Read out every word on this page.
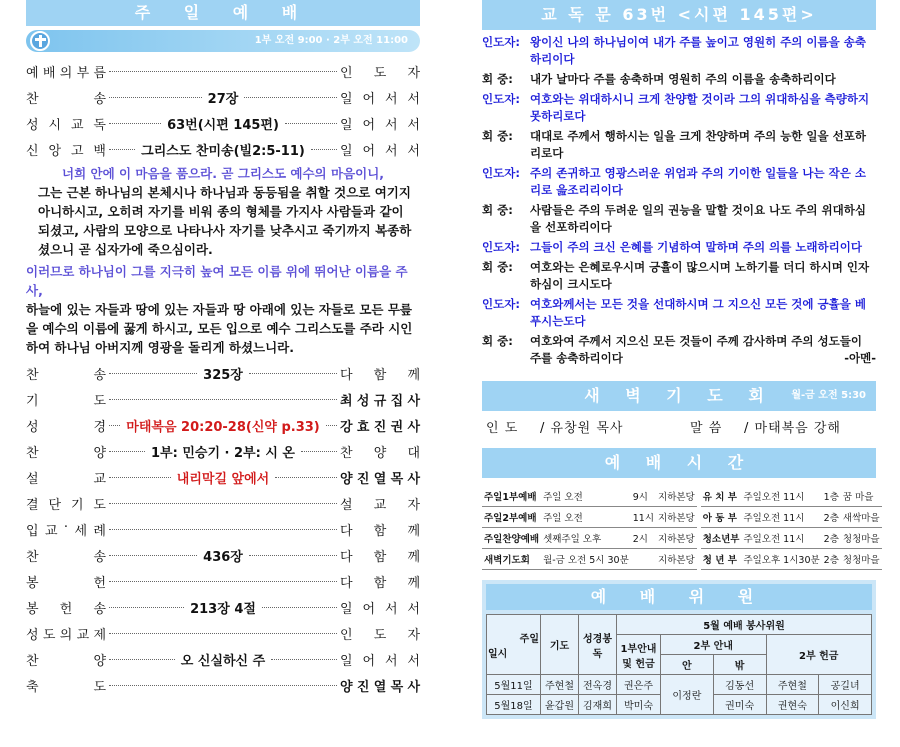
주 일 예 배
1부 오전 9:00 · 2부 오전 11:00
예 배 의 부 름	인 도 자
찬	송	27장	일 어 서 서
성 시 교 독	63번(시편 145편)	일 어 서 서
신 앙 고 백	그리스도 찬미송(빌2:5-11)	일 어 서 서
너희 안에 이 마음을 품으라. 곧 그리스도 예수의 마음이니,
그는 근본 하나님의 본체시나 하나님과 동등됨을 취할 것으로 여기지 아니하시고, 오히려 자기를 비워 종의 형체를 가지사 사람들과 같이 되셨고, 사람의 모양으로 나타나사 자기를 낮추시고 죽기까지 복종하셨으니 곧 십자가에 죽으심이라.
이러므로 하나님이 그를 지극히 높여 모든 이름 위에 뛰어난 이름을 주사,
하늘에 있는 자들과 땅에 있는 자들과 땅 아래에 있는 자들로 모든 무릎을 예수의 이름에 꿇게 하시고, 모든 입으로 예수 그리스도를 주라 시인하여 하나님 아버지께 영광을 돌리게 하셨느니라.
찬	송	325장	다 함 께
기	도	최 성 규 집 사
성	경 마태복음 20:20-28(신약 p.33) 강 효 진 권 사
찬	양	1부: 민승기 · 2부: 시 온	찬 양 대
설	교	내리막길 앞에서	양 진 열 목 사
결 단 기 도	설 교 자
입 교 · 세 례	다 함 께
찬	송	436장	다 함 께
봉	헌	다 함 께
봉 헌 송	213장 4절	일 어 서 서
성 도 의 교 제	인 도 자
찬	양	오 신실하신 주	일 어 서 서
축	도	양 진 열 목 사
교 독 문 63번 <시편 145편>
인도자: 왕이신 나의 하나님이여 내가 주를 높이고 영원히 주의 이름을 송축하리이다
회 중:	내가 날마다 주를 송축하며 영원히 주의 이름을 송축하리이다
인도자: 여호와는 위대하시니 크게 찬양할 것이라 그의 위대하심을 측량하지 못하리로다
회 중:	대대로 주께서 행하시는 일을 크게 찬양하며 주의 능한 일을 선포하리로다
인도자: 주의 존귀하고 영광스러운 위엄과 주의 기이한 일들을 나는 작은 소리로 읊조리리이다
회 중:	사람들은 주의 두려운 일의 권능을 말할 것이요 나도 주의 위대하심을 선포하리이다
인도자: 그들이 주의 크신 은혜를 기념하여 말하며 주의 의를 노래하리이다
회 중:	여호와는 은혜로우시며 긍휼이 많으시며 노하기를 더디 하시며 인자하심이 크시도다
인도자: 여호와께서는 모든 것을 선대하시며 그 지으신 모든 것에 긍휼을 베푸시는도다
회 중:	여호와여 주께서 지으신 모든 것들이 주께 감사하며 주의 성도들이 주를 송축하리이다	-아멘-
새 벽 기 도 회 월-금 오전 5:30
인 도	/ 유창원 목사	말 씀	/ 마태복음 강해
예 배 시 간
주일1부예배	주일 오전	9시	지하본당		유 치 부	주일오전 11시	1층	꿈 마을
주일2부예배	주일 오전	11시	지하본당		아 동 부	주일오전 11시	2층	새싹마을
주일찬양예배	셋째주일 오후	2시	지하본당		청소년부	주일오전 11시	2층	청청마을
새벽기도회	월-금 오전 5시 30분		지하본당		청 년 부	주일오후 1시30분	2층	청청마을
예 배 위 원
주일
일시	기도	성경봉독	5월 예배 봉사위원				
			1부안내 및 헌금	2부 안내		2부 헌금	
				안	밖		
5월11일	주현철	전옥경	권은주	이정란	김동선	주현철	공길녀
5월18일	윤갑원	김재희	박미숙		권미숙	권현숙	이신희
